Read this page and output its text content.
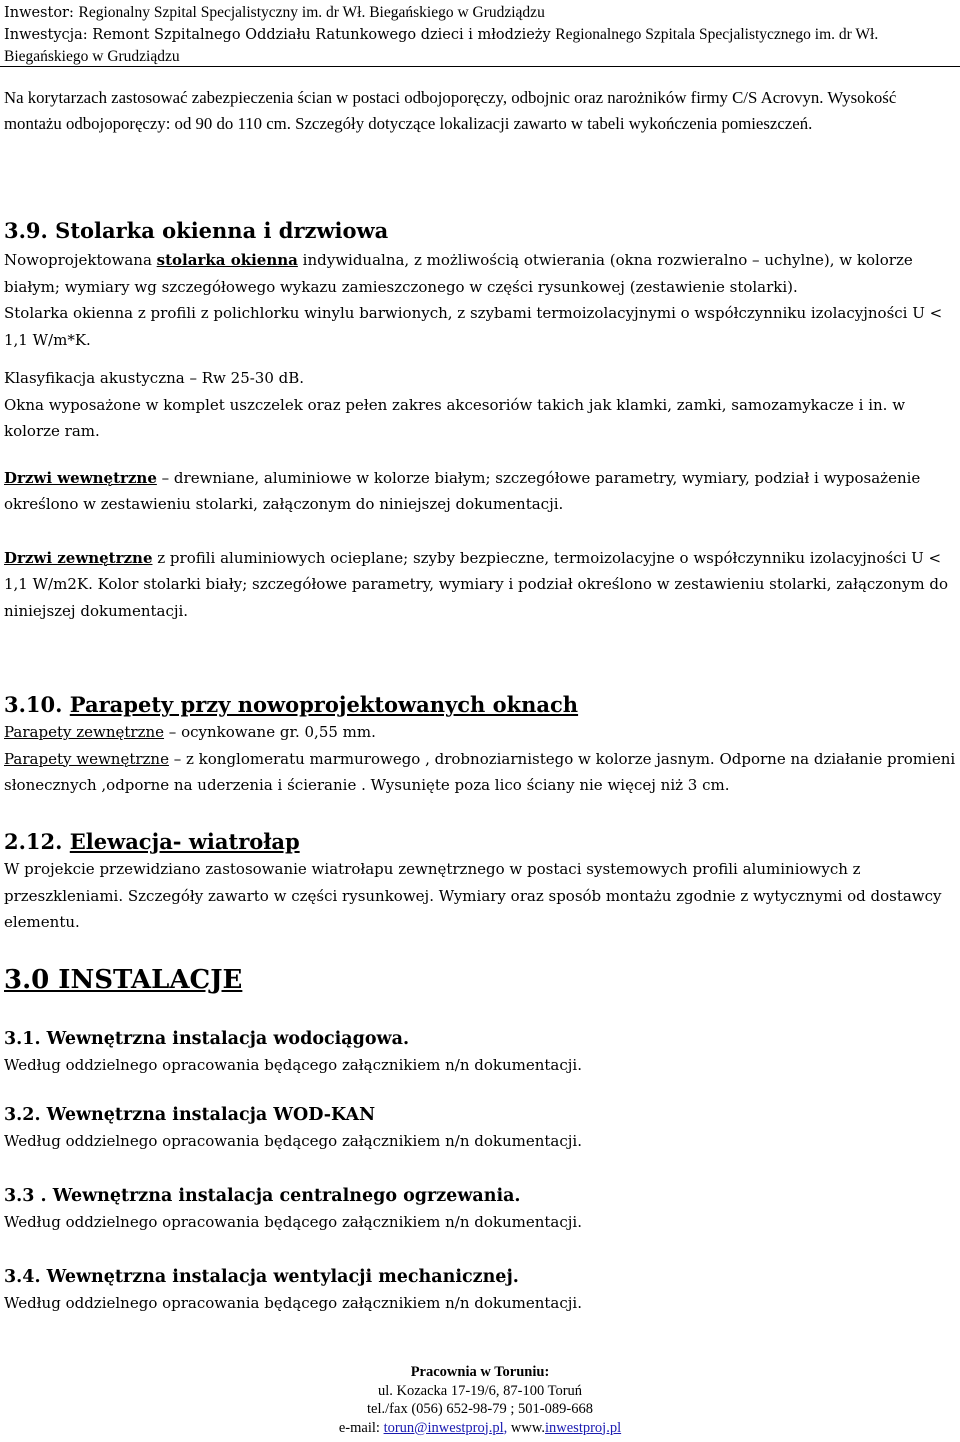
Inwestor: Regionalny Szpital Specjalistyczny im. dr Wł. Biegańskiego w Grudziądzu
Inwestycja: Remont Szpitalnego Oddziału Ratunkowego dzieci i młodzieży Regionalnego Szpitala Specjalistycznego im. dr Wł. Biegańskiego w Grudziądzu

Na korytarzach zastosować zabezpieczenia ścian w postaci odbojoporęczy, odbojnic oraz narożników firmy C/S Acrovyn. Wysokość montażu odbojoporęczy: od 90 do 110 cm. Szczegóły dotyczące lokalizacji zawarto w tabeli wykończenia pomieszczeń.

3.9. Stolarka okienna i drzwiowa

Nowoprojektowana stolarka okienna indywidualna, z możliwością otwierania (okna rozwieralno – uchylne), w kolorze białym; wymiary wg szczegółowego wykazu zamieszczonego w części rysunkowej (zestawienie stolarki).

Stolarka okienna z profili z polichlorku winylu barwionych, z szybami termoizolacyjnymi o współczynniku izolacyjności U < 1,1 W/m*K.

Klasyfikacja akustyczna – Rw 25-30 dB.

Okna wyposażone w komplet uszczelek oraz pełen zakres akcesoriów takich jak klamki, zamki, samozamykacze i in. w kolorze ram.

Drzwi wewnętrzne – drewniane, aluminiowe w kolorze białym; szczegółowe parametry, wymiary, podział i wyposażenie określono w zestawieniu stolarki, załączonym do niniejszej dokumentacji.

Drzwi zewnętrzne z profili aluminiowych ocieplane; szyby bezpieczne, termoizolacyjne o współczynniku izolacyjności U < 1,1 W/m2K. Kolor stolarki biały; szczegółowe parametry, wymiary i podział określono w zestawieniu stolarki, załączonym do niniejszej dokumentacji.

3.10. Parapety przy nowoprojektowanych oknach

Parapety zewnętrzne – ocynkowane gr. 0,55 mm.

Parapety wewnętrzne – z konglomeratu marmurowego , drobnoziarnistego w kolorze jasnym. Odporne na działanie promieni słonecznych ,odporne na uderzenia i ścieranie . Wysunięte poza lico ściany nie więcej niż 3 cm.

2.12. Elewacja- wiatrołap

W projekcie przewidziano zastosowanie wiatrołapu zewnętrznego w postaci systemowych profili aluminiowych z przeszkleniami. Szczegóły zawarto w części rysunkowej. Wymiary oraz sposób montażu zgodnie z wytycznymi od dostawcy elementu.

3.0 INSTALACJE
3.1. Wewnętrzna instalacja wodociągowa.

Według oddzielnego opracowania będącego załącznikiem n/n dokumentacji.

3.2. Wewnętrzna instalacja WOD-KAN

Według oddzielnego opracowania będącego załącznikiem n/n dokumentacji.

3.3 . Wewnętrzna instalacja centralnego ogrzewania.

Według oddzielnego opracowania będącego załącznikiem n/n dokumentacji.

3.4. Wewnętrzna instalacja wentylacji mechanicznej.

Według oddzielnego opracowania będącego załącznikiem n/n dokumentacji.

Pracownia w Toruniu:
ul. Kozacka 17-19/6, 87-100 Toruń
tel./fax (056) 652-98-79 ; 501-089-668
e-mail: torun@inwestproj.pl, www.inwestproj.pl
